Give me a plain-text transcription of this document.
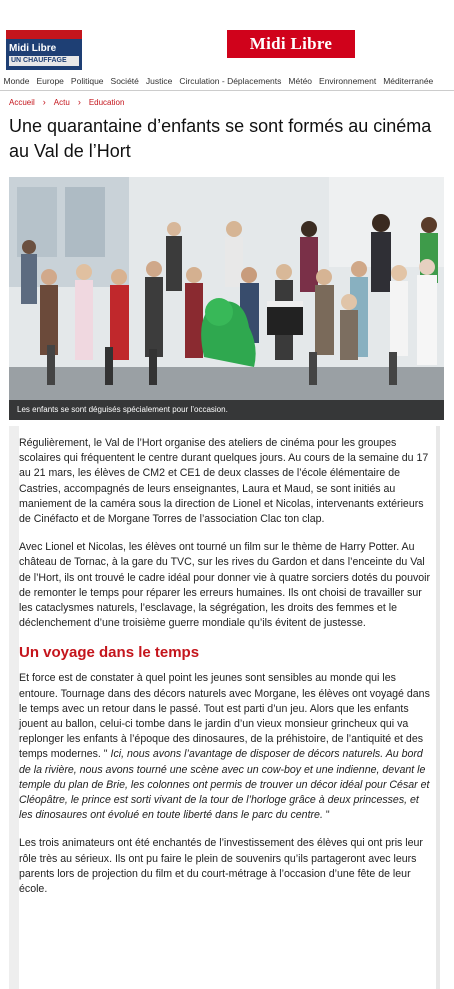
Midi Libre
UN CHAUFFAGE
Midi Libre
Monde Europe Politique Société Justice Circulation - Déplacements Météo Environnement Méditerranée
Accueil › Actu › Education
Une quarantaine d’enfants se sont formés au cinéma au Val de l’Hort
Les enfants se sont déguisés spécialement pour l’occasion.

Régulièrement, le Val de l’Hort organise des ateliers de cinéma pour les groupes scolaires qui fréquentent le centre durant quelques jours. Au cours de la semaine du 17 au 21 mars, les élèves de CM2 et CE1 de deux classes de l’école élémentaire de Castries, accompagnés de leurs enseignantes, Laura et Maud, se sont initiés au maniement de la caméra sous la direction de Lionel et Nicolas, intervenants extérieurs de Cinéfacto et de Morgane Torres de l’association Clac ton clap.

Avec Lionel et Nicolas, les élèves ont tourné un film sur le thème de Harry Potter. Au château de Tornac, à la gare du TVC, sur les rives du Gardon et dans l’enceinte du Val de l’Hort, ils ont trouvé le cadre idéal pour donner vie à quatre sorciers dotés du pouvoir de remonter le temps pour réparer les erreurs humaines. Ils ont choisi de travailler sur les cataclysmes naturels, l’esclavage, la ségrégation, les droits des femmes et le déclenchement d’une troisième guerre mondiale qu’ils évitent de justesse.

Un voyage dans le temps

Et force est de constater à quel point les jeunes sont sensibles au monde qui les entoure. Tournage dans des décors naturels avec Morgane, les élèves ont voyagé dans le temps avec un retour dans le passé. Tout est parti d’un jeu. Alors que les enfants jouent au ballon, celui-ci tombe dans le jardin d’un vieux monsieur grincheux qui va replonger les enfants à l’époque des dinosaures, de la préhistoire, de l’antiquité et des temps modernes. " Ici, nous avons l’avantage de disposer de décors naturels. Au bord de la rivière, nous avons tourné une scène avec un cow-boy et une indienne, devant le temple du plan de Brie, les colonnes ont permis de trouver un décor idéal pour César et Cléopâtre, le prince est sorti vivant de la tour de l’horloge grâce à deux princesses, et les dinosaures ont évolué en toute liberté dans le parc du centre. "

Les trois animateurs ont été enchantés de l’investissement des élèves qui ont pris leur rôle très au sérieux. Ils ont pu faire le plein de souvenirs qu’ils partageront avec leurs parents lors de projection du film et du court-métrage à l’occasion d’une fête de leur école.
